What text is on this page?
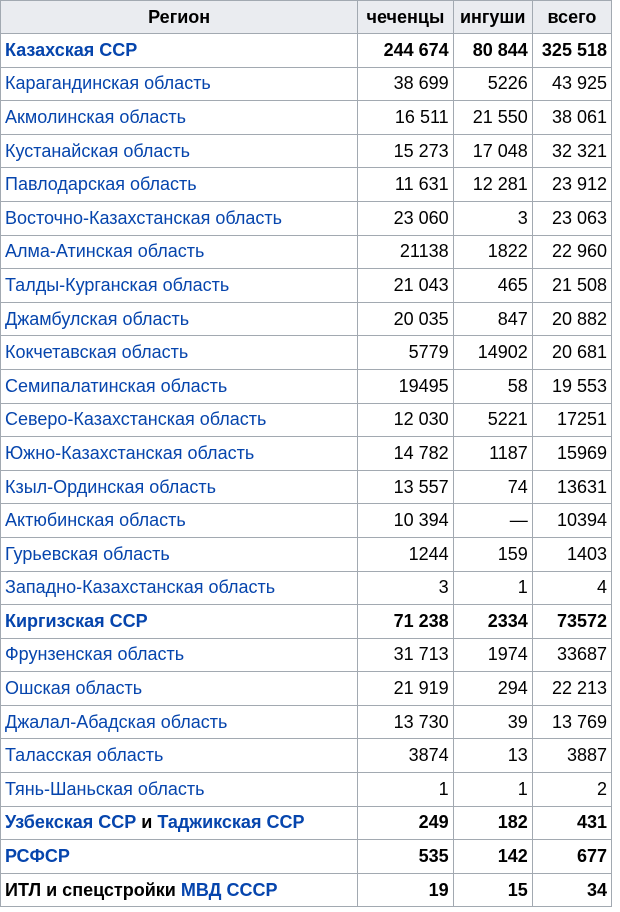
Регион	чеченцы	ингуши	всего
Казахская ССР	244 674	80 844	325 518
Карагандинская область	38 699	5226	43 925
Акмолинская область	16 511	21 550	38 061
Кустанайская область	15 273	17 048	32 321
Павлодарская область	11 631	12 281	23 912
Восточно-Казахстанская область	23 060	3	23 063
Алма-Атинская область	21138	1822	22 960
Талды-Курганская область	21 043	465	21 508
Джамбулская область	20 035	847	20 882
Кокчетавская область	5779	14902	20 681
Семипалатинская область	19495	58	19 553
Северо-Казахстанская область	12 030	5221	17251
Южно-Казахстанская область	14 782	1187	15969
Кзыл-Ординская область	13 557	74	13631
Актюбинская область	10 394	—	10394
Гурьевская область	1244	159	1403
Западно-Казахстанская область	3	1	4
Киргизская ССР	71 238	2334	73572
Фрунзенская область	31 713	1974	33687
Ошская область	21 919	294	22 213
Джалал-Абадская область	13 730	39	13 769
Таласская область	3874	13	3887
Тянь-Шаньская область	1	1	2
Узбекская ССР и Таджикская ССР	249	182	431
РСФСР	535	142	677
ИТЛ и спецстройки МВД СССР	19	15	34
